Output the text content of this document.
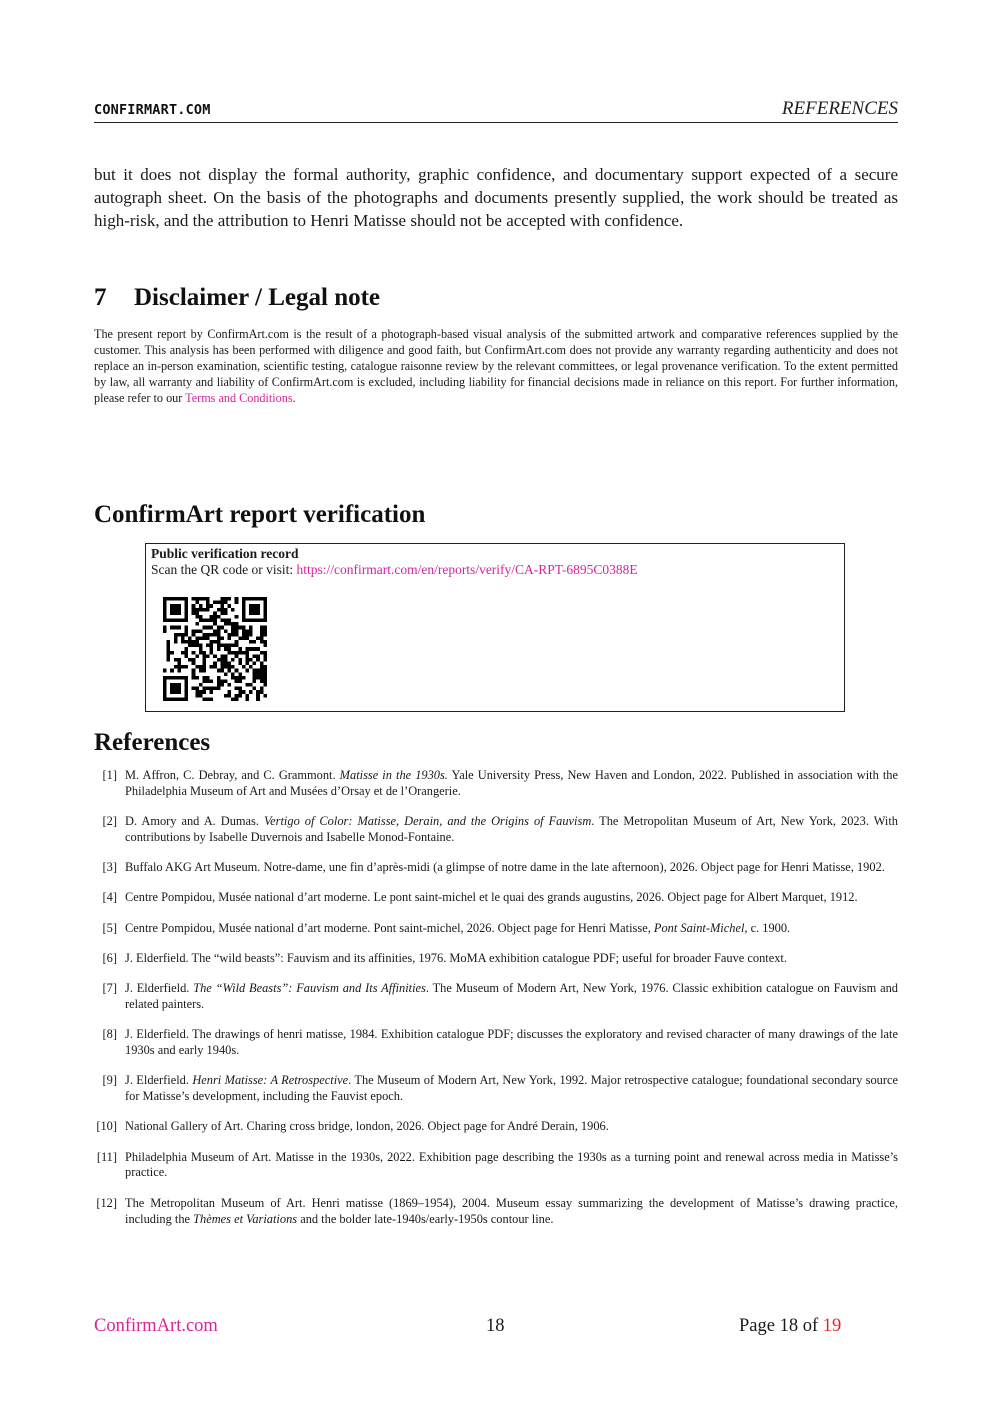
CONFIRMART.COM	REFERENCES

but it does not display the formal authority, graphic confidence, and documentary support expected of a secure autograph sheet. On the basis of the photographs and documents presently supplied, the work should be treated as high-risk, and the attribution to Henri Matisse should not be accepted with confidence.

7 Disclaimer / Legal note

The present report by ConfirmArt.com is the result of a photograph-based visual analysis of the submitted artwork and comparative references supplied by the customer. This analysis has been performed with diligence and good faith, but ConfirmArt.com does not provide any warranty regarding authenticity and does not replace an in-person examination, scientific testing, catalogue raisonne review by the relevant committees, or legal provenance verification. To the extent permitted by law, all warranty and liability of ConfirmArt.com is excluded, including liability for financial decisions made in reliance on this report. For further information, please refer to our Terms and Conditions.

ConfirmArt report verification
Public verification record
Scan the QR code or visit: https://confirmart.com/en/reports/verify/CA-RPT-6895C0388E
References
[1] M. Affron, C. Debray, and C. Grammont. Matisse in the 1930s. Yale University Press, New Haven and London, 2022. Published in association with the Philadelphia Museum of Art and Musées d’Orsay et de l’Orangerie.
[2] D. Amory and A. Dumas. Vertigo of Color: Matisse, Derain, and the Origins of Fauvism. The Metropolitan Museum of Art, New York, 2023. With contributions by Isabelle Duvernois and Isabelle Monod-Fontaine.
[3] Buffalo AKG Art Museum. Notre-dame, une fin d’après-midi (a glimpse of notre dame in the late afternoon), 2026. Object page for Henri Matisse, 1902.
[4] Centre Pompidou, Musée national d’art moderne. Le pont saint-michel et le quai des grands augustins, 2026. Object page for Albert Marquet, 1912.
[5] Centre Pompidou, Musée national d’art moderne. Pont saint-michel, 2026. Object page for Henri Matisse, Pont Saint-Michel, c. 1900.
[6] J. Elderfield. The “wild beasts”: Fauvism and its affinities, 1976. MoMA exhibition catalogue PDF; useful for broader Fauve context.
[7] J. Elderfield. The “Wild Beasts”: Fauvism and Its Affinities. The Museum of Modern Art, New York, 1976. Classic exhibition catalogue on Fauvism and related painters.
[8] J. Elderfield. The drawings of henri matisse, 1984. Exhibition catalogue PDF; discusses the exploratory and revised character of many drawings of the late 1930s and early 1940s.
[9] J. Elderfield. Henri Matisse: A Retrospective. The Museum of Modern Art, New York, 1992. Major retrospective catalogue; foundational secondary source for Matisse’s development, including the Fauvist epoch.
[10] National Gallery of Art. Charing cross bridge, london, 2026. Object page for André Derain, 1906.
[11] Philadelphia Museum of Art. Matisse in the 1930s, 2022. Exhibition page describing the 1930s as a turning point and renewal across media in Matisse’s practice.
[12] The Metropolitan Museum of Art. Henri matisse (1869–1954), 2004. Museum essay summarizing the development of Matisse’s drawing practice, including the Thèmes et Variations and the bolder late-1940s/early-1950s contour line.
ConfirmArt.com	18	Page 18 of 19
